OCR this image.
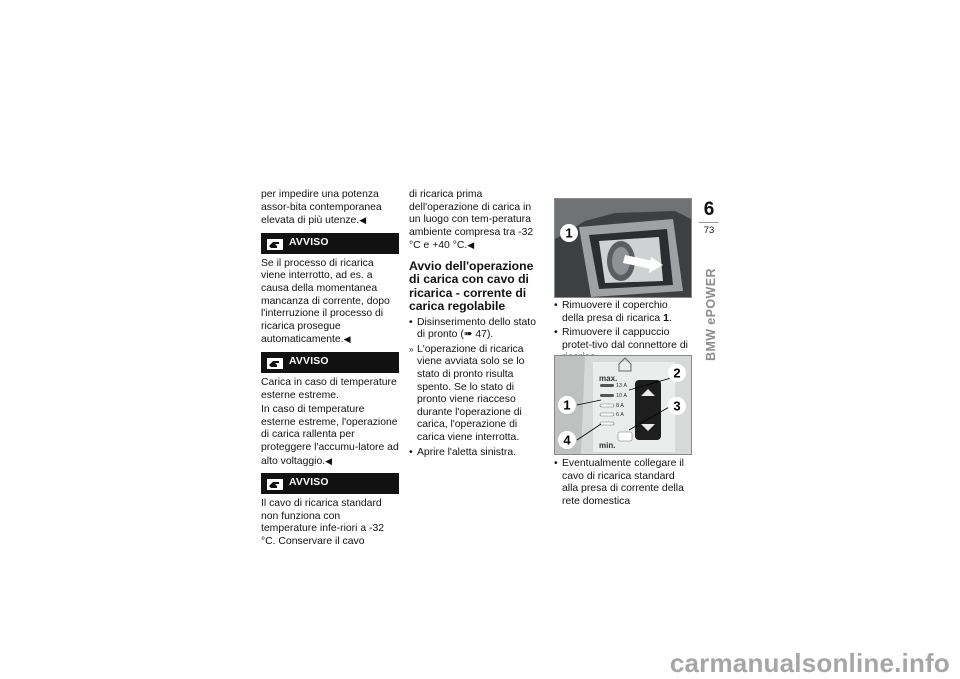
per impedire una potenza assor-bita contemporanea elevata di più utenze.◀

AVVISO

Se il processo di ricarica viene interrotto, ad es. a causa della momentanea mancanza di corrente, dopo l'interruzione il processo di ricarica prosegue automaticamente.◀

AVVISO

Carica in caso di temperature esterne estreme.

In caso di temperature esterne estreme, l'operazione di carica rallenta per proteggere l'accumu-latore ad alto voltaggio.◀

AVVISO

Il cavo di ricarica standard non funziona con temperature infe-riori a -32 °C. Conservare il cavo

di ricarica prima dell'operazione di carica in un luogo con tem-peratura ambiente compresa tra -32 °C e +40 °C.◀

Avvio dell'operazione di carica con cavo di ricarica - corrente di carica regolabile

• Disinserimento dello stato di pronto (➠ 47).

» L'operazione di ricarica viene avviata solo se lo stato di pronto risulta spento. Se lo stato di pronto viene riacceso durante l'operazione di carica, l'operazione di carica viene interrotta.

• Aprire l'aletta sinistra.

1

• Rimuovere il coperchio della presa di ricarica 1.

• Rimuovere il cappuccio protet-tivo dal connettore di

max.
13 A
10 A
8 A
6 A
min.
1
2
3
4

• Eventualmente collegare il cavo di ricarica standard alla presa di corrente della rete domestica

6
73
BMW ePOWER
carmanualsonline.info
